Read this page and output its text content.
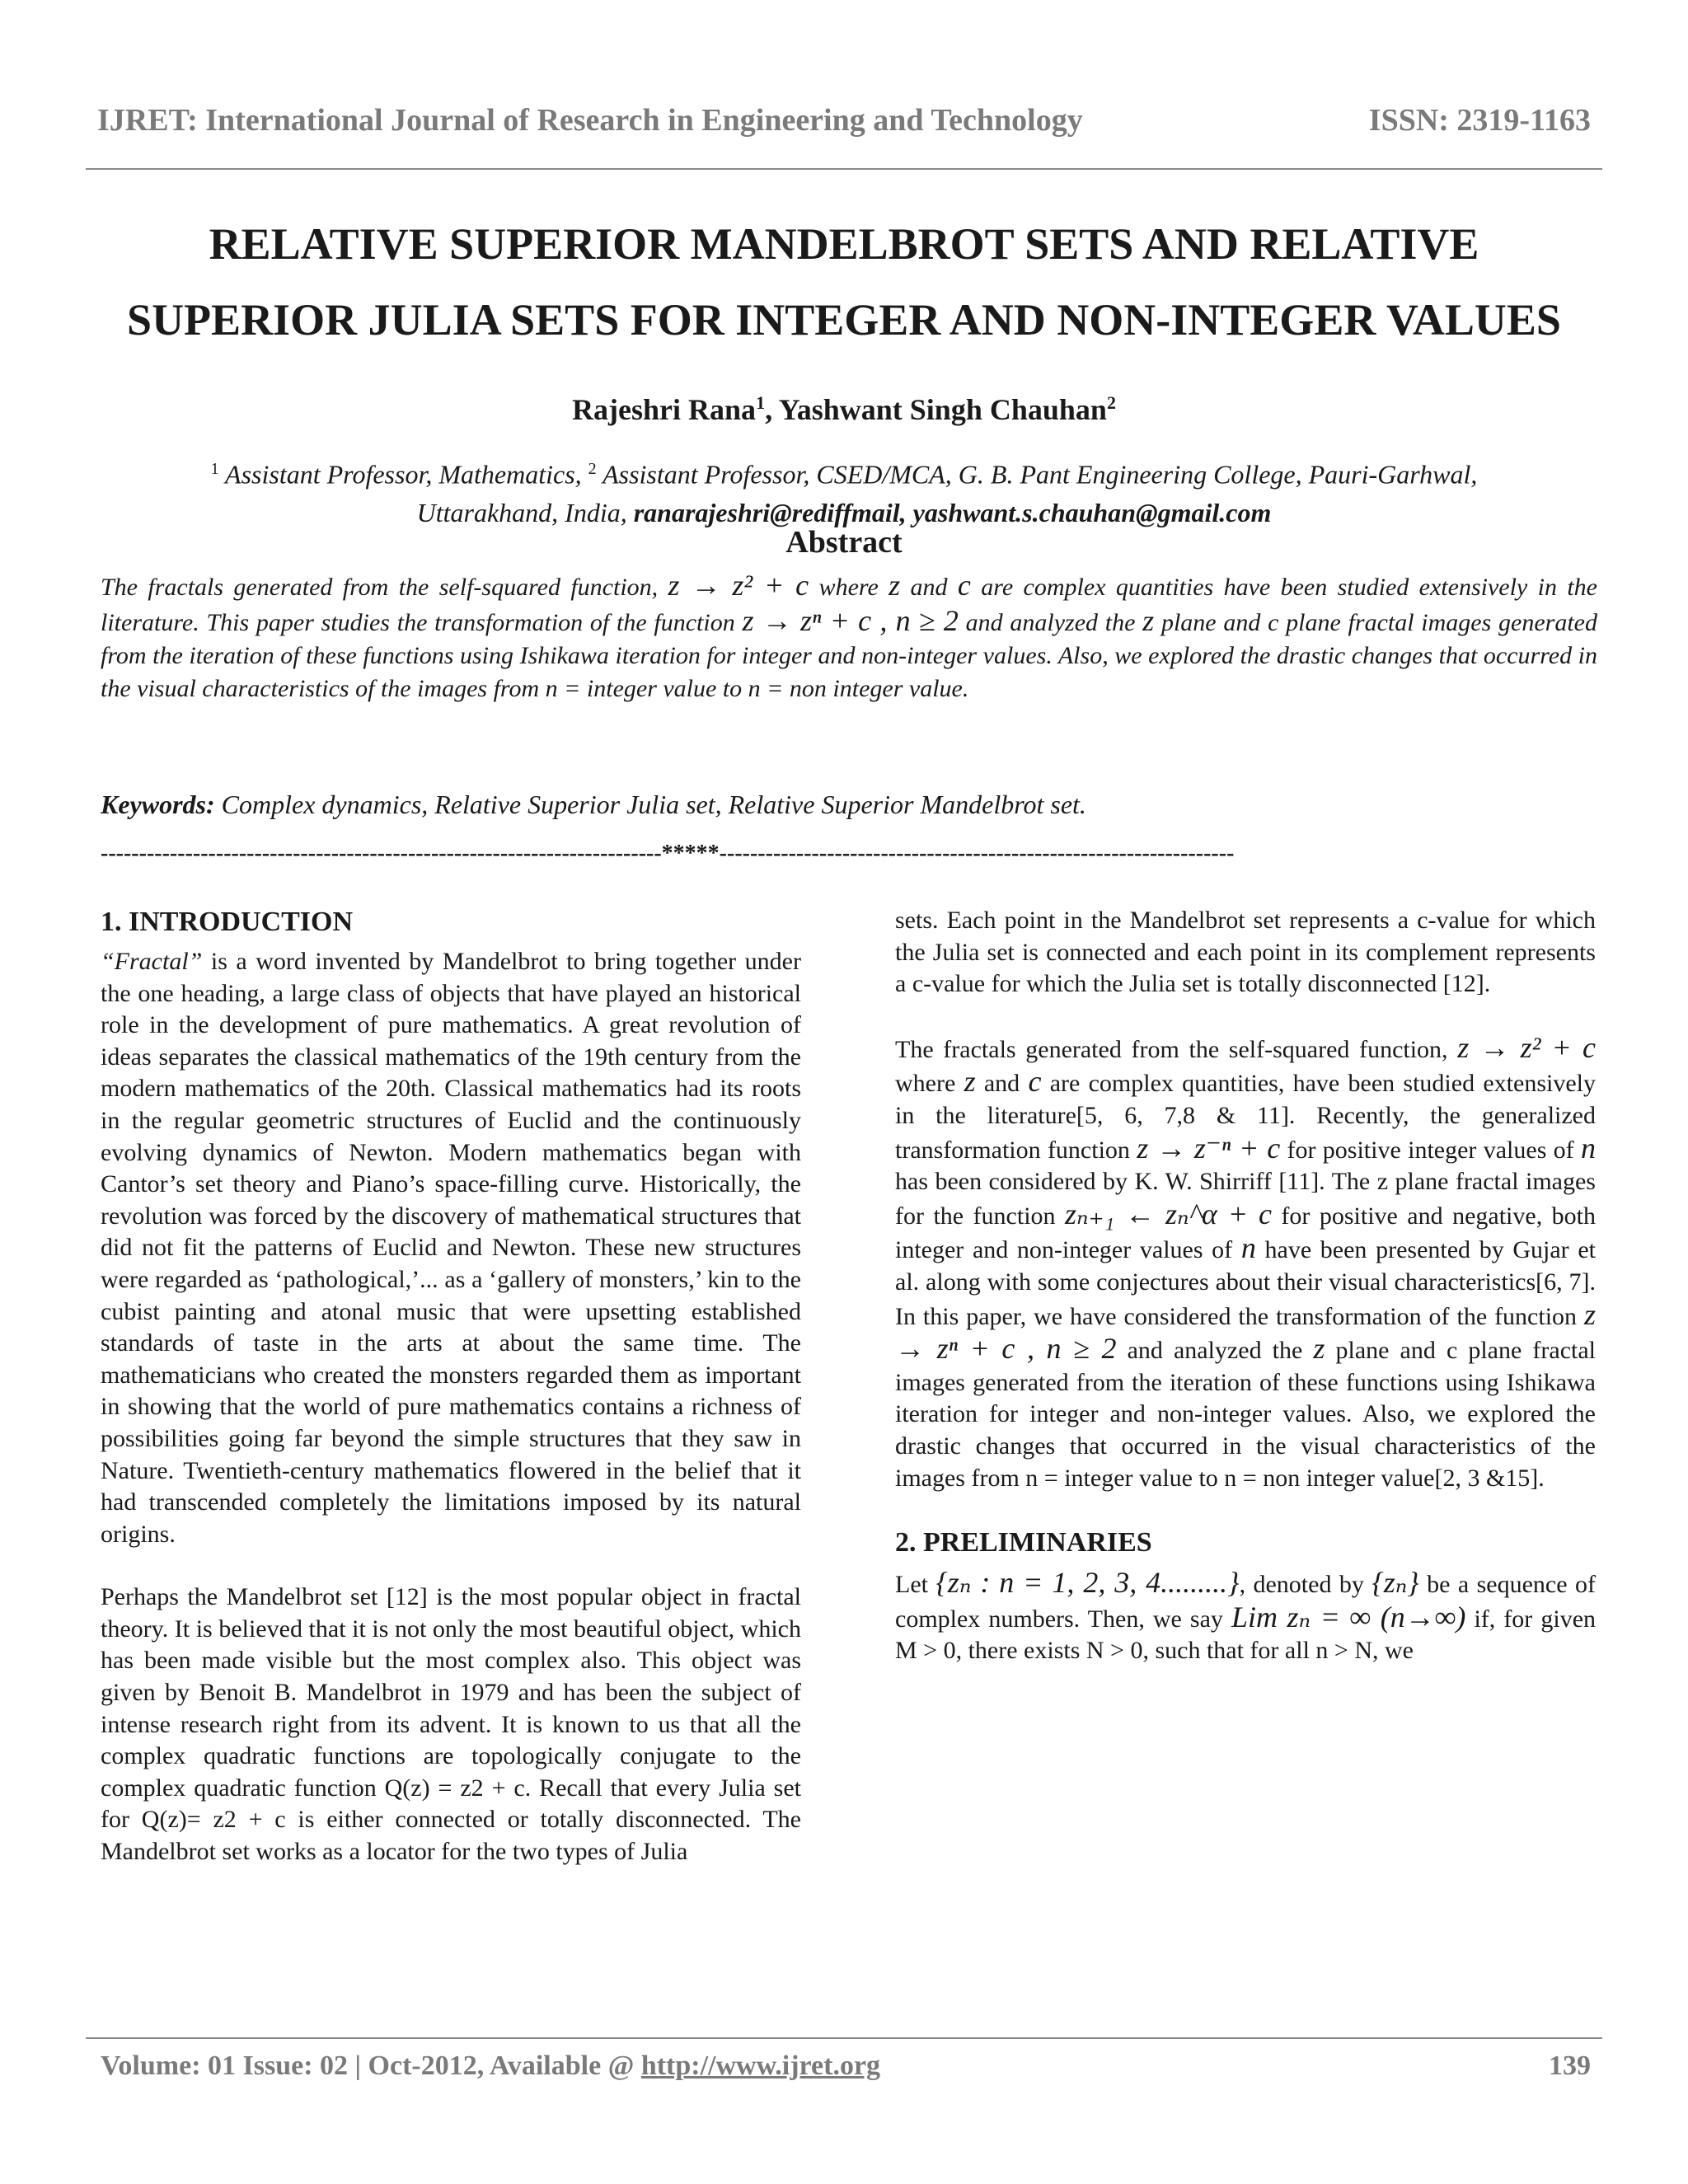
IJRET: International Journal of Research in Engineering and Technology	ISSN: 2319-1163
RELATIVE SUPERIOR MANDELBROT SETS AND RELATIVE
SUPERIOR JULIA SETS FOR INTEGER AND NON-INTEGER VALUES
Rajeshri Rana$^1$, Yashwant Singh Chauhan$^2$
$^1$ Assistant Professor, Mathematics, $^2$ Assistant Professor, CSED/MCA, G. B. Pant Engineering College, Pauri-Garhwal,
Uttarakhand, India, ranarajeshri@rediffmail, yashwant.s.chauhan@gmail.com
Abstract

The fractals generated from the self-squared function, z → z² + c where z and c are complex quantities have been studied extensively in the literature. This paper studies the transformation of the function z → zⁿ + c , n ≥ 2 and analyzed the z plane and c plane fractal images generated from the iteration of these functions using Ishikawa iteration for integer and non-integer values. Also, we explored the drastic changes that occurred in the visual characteristics of the images from n = integer value to n = non integer value.

Keywords: Complex dynamics, Relative Superior Julia set, Relative Superior Mandelbrot set.
-------------------------------------------------------------------------*****-------------------------------------------------------------------
1. INTRODUCTION

“Fractal” is a word invented by Mandelbrot to bring together under the one heading, a large class of objects that have played an historical role in the development of pure mathematics. A great revolution of ideas separates the classical mathematics of the 19th century from the modern mathematics of the 20th. Classical mathematics had its roots in the regular geometric structures of Euclid and the continuously evolving dynamics of Newton. Modern mathematics began with Cantor’s set theory and Piano’s space-filling curve. Historically, the revolution was forced by the discovery of mathematical structures that did not fit the patterns of Euclid and Newton. These new structures were regarded as ‘pathological,’... as a ‘gallery of monsters,’ kin to the cubist painting and atonal music that were upsetting established standards of taste in the arts at about the same time. The mathematicians who created the monsters regarded them as important in showing that the world of pure mathematics contains a richness of possibilities going far beyond the simple structures that they saw in Nature. Twentieth-century mathematics flowered in the belief that it had transcended completely the limitations imposed by its natural origins.

Perhaps the Mandelbrot set [12] is the most popular object in fractal theory. It is believed that it is not only the most beautiful object, which has been made visible but the most complex also. This object was given by Benoit B. Mandelbrot in 1979 and has been the subject of intense research right from its advent. It is known to us that all the complex quadratic functions are topologically conjugate to the complex quadratic function Q(z) = z2 + c. Recall that every Julia set for Q(z)= z2 + c is either connected or totally disconnected. The Mandelbrot set works as a locator for the two types of Julia

sets. Each point in the Mandelbrot set represents a c-value for which the Julia set is connected and each point in its complement represents a c-value for which the Julia set is totally disconnected [12].

The fractals generated from the self-squared function, z → z² + c where z and c are complex quantities, have been studied extensively in the literature[5, 6, 7,8 & 11]. Recently, the generalized transformation function z → z⁻ⁿ + c for positive integer values of n has been considered by K. W. Shirriff [11]. The z plane fractal images for the function zₙ₊₁ ← zₙ^α + c for positive and negative, both integer and non-integer values of n have been presented by Gujar et al. along with some conjectures about their visual characteristics[6, 7]. In this paper, we have considered the transformation of the function z → zⁿ + c , n ≥ 2 and analyzed the z plane and c plane fractal images generated from the iteration of these functions using Ishikawa iteration for integer and non-integer values. Also, we explored the drastic changes that occurred in the visual characteristics of the images from n = integer value to n = non integer value[2, 3 &15].

2. PRELIMINARIES

Let {zₙ : n = 1, 2, 3, 4.........}, denoted by {zₙ} be a sequence of complex numbers. Then, we say Lim zₙ = ∞ (n→∞) if, for given M > 0, there exists N > 0, such that for all n > N, we

Volume: 01 Issue: 02 | Oct-2012, Available @ http://www.ijret.org	139
